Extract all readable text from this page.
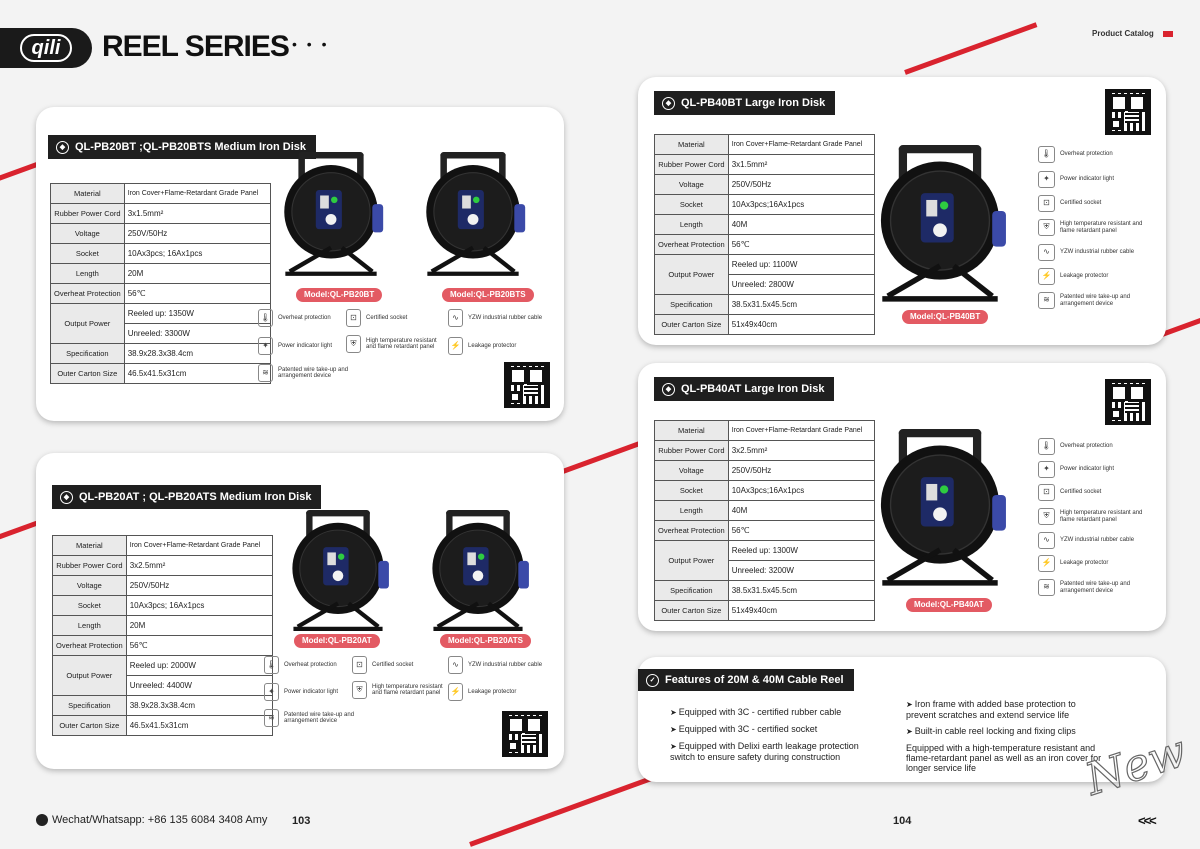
qili	REEL SERIES • • •
Product Catalog
◆ QL-PB20BT ;QL-PB20BTS Medium Iron Disk
Material	Iron Cover+Flame-Retardant Grade Panel
Rubber Power Cord	3x1.5mm²
Voltage	250V/50Hz
Socket	10Ax3pcs; 16Ax1pcs
Length	20M
Overheat Protection	56℃
Output Power	Reeled up: 1350W
	Unreeled: 3300W
Specification	38.9x28.3x38.4cm
Outer Carton Size	46.5x41.5x31cm
Model:QL-PB20BT	Model:QL-PB20BTS
🌡	Overheat protection	⊡	Certified socket	∿	YZW industrial rubber cable
✦	Power indicator light	⛨	High temperature resistant and flame retardant panel	⚡	Leakage protector
≋	Patented wire take-up and arrangement device
◆ QL-PB20AT ; QL-PB20ATS Medium Iron Disk
Material	Iron Cover+Flame-Retardant Grade Panel
Rubber Power Cord	3x2.5mm²
Voltage	250V/50Hz
Socket	10Ax3pcs; 16Ax1pcs
Length	20M
Overheat Protection	56℃
Output Power	Reeled up: 2000W
	Unreeled: 4400W
Specification	38.9x28.3x38.4cm
Outer Carton Size	46.5x41.5x31cm
Model:QL-PB20AT	Model:QL-PB20ATS
🌡	Overheat protection	⊡	Certified socket	∿	YZW industrial rubber cable
✦	Power indicator light	⛨	High temperature resistant and flame retardant panel	⚡	Leakage protector
≋	Patented wire take-up and arrangement device
◆ QL-PB40BT Large Iron Disk
Material	Iron Cover+Flame-Retardant Grade Panel
Rubber Power Cord	3x1.5mm²
Voltage	250V/50Hz
Socket	10Ax3pcs;16Ax1pcs
Length	40M
Overheat Protection	56℃
Output Power	Reeled up: 1100W
	Unreeled: 2800W
Specification	38.5x31.5x45.5cm
Outer Carton Size	51x49x40cm
Model:QL-PB40BT
🌡	Overheat protection
✦	Power indicator light
⊡	Certified socket
⛨	High temperature resistant and flame retardant panel
∿	YZW industrial rubber cable
⚡	Leakage protector
≋	Patented wire take-up and arrangement device
◆ QL-PB40AT Large Iron Disk
Material	Iron Cover+Flame-Retardant Grade Panel
Rubber Power Cord	3x2.5mm²
Voltage	250V/50Hz
Socket	10Ax3pcs;16Ax1pcs
Length	40M
Overheat Protection	56℃
Output Power	Reeled up: 1300W
	Unreeled: 3200W
Specification	38.5x31.5x45.5cm
Outer Carton Size	51x49x40cm
Model:QL-PB40AT
🌡	Overheat protection
✦	Power indicator light
⊡	Certified socket
⛨	High temperature resistant and flame retardant panel
∿	YZW industrial rubber cable
⚡	Leakage protector
≋	Patented wire take-up and arrangement device
✓ Features of 20M & 40M Cable Reel
➤ Equipped with 3C - certified rubber cable
➤ Equipped with 3C - certified socket
➤ Equipped with Delixi earth leakage protection switch to ensure safety during construction
➤ Iron frame with added base protection to prevent scratches and extend service life
➤ Built-in cable reel locking and fixing clips
Equipped with a high-temperature resistant and flame-retardant panel as well as an iron cover for longer service life	New
Wechat/Whatsapp: +86 135 6084 3408 Amy 103	104	<<<
